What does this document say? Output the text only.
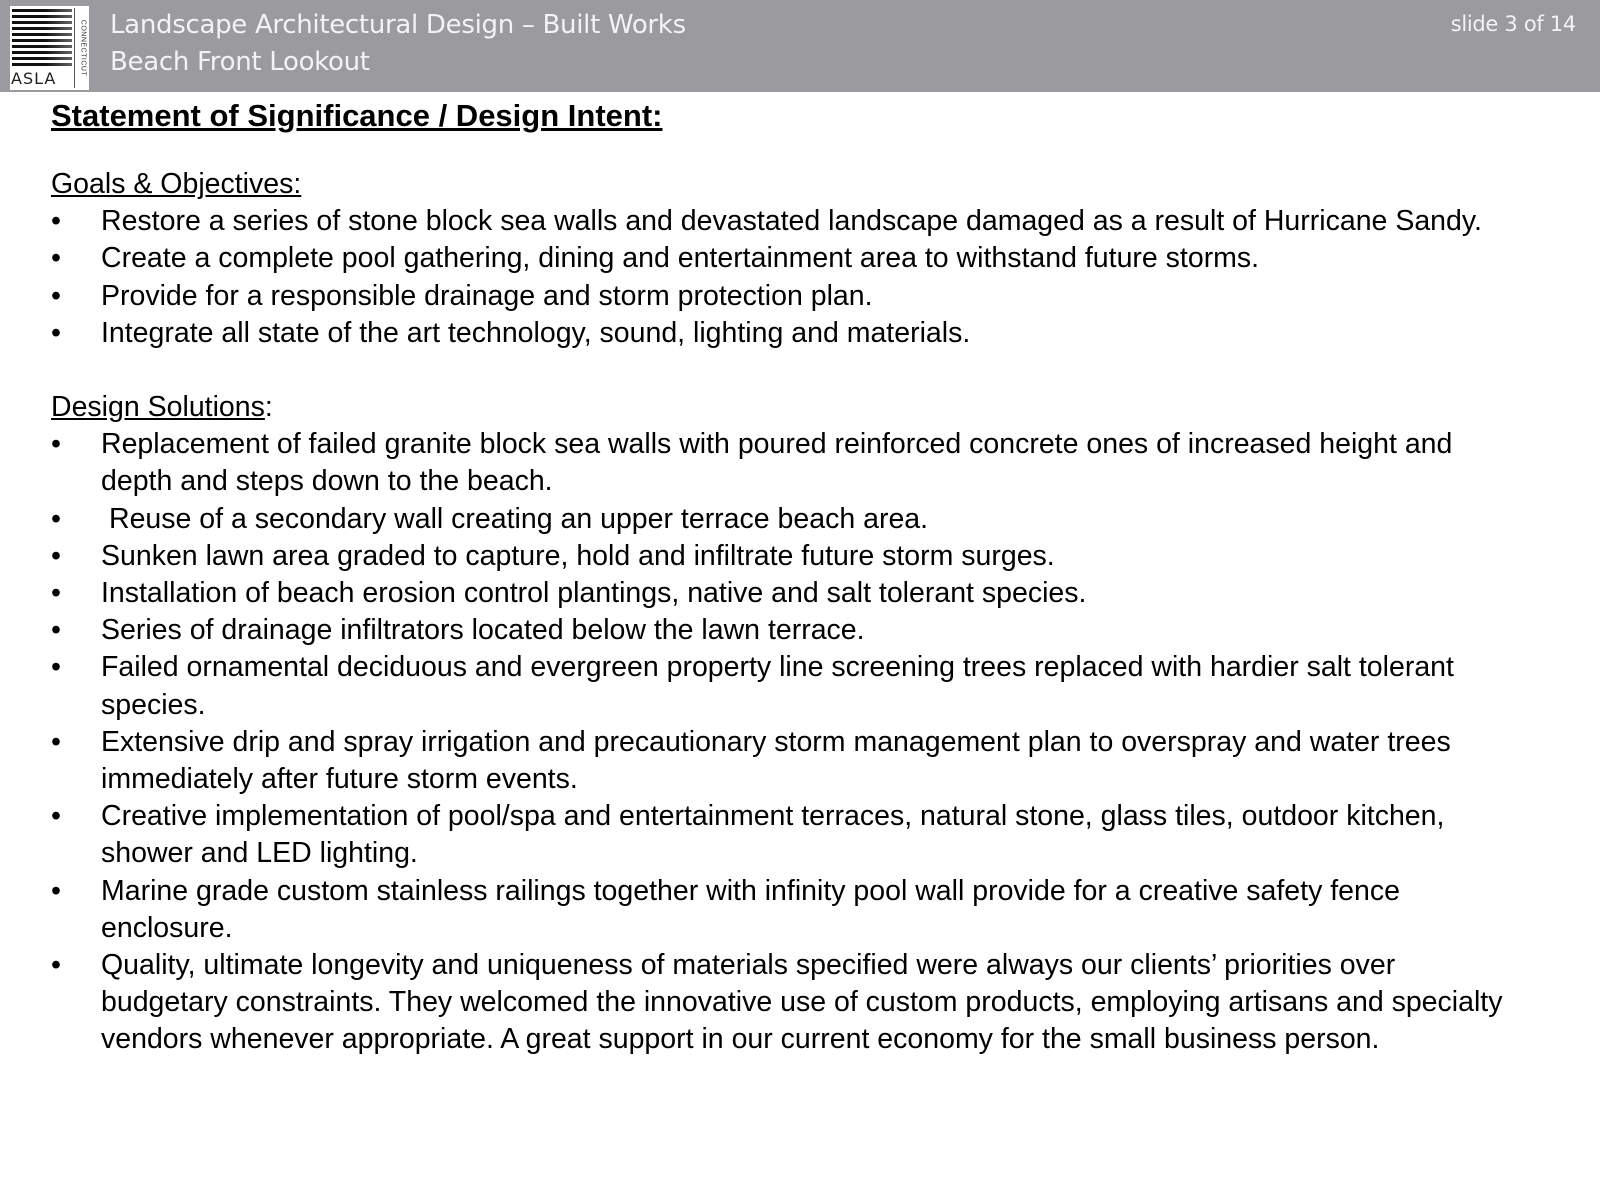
ASLA
CONNECTICUT Landscape Architectural Design – Built Works
Beach Front Lookout
slide 3 of 14
Statement of Significance / Design Intent:
Goals & Objectives:
• Restore a series of stone block sea walls and devastated landscape damaged as a result of Hurricane Sandy.
• Create a complete pool gathering, dining and entertainment area to withstand future storms.
• Provide for a responsible drainage and storm protection plan.
• Integrate all state of the art technology, sound, lighting and materials.
Design Solutions:
• Replacement of failed granite block sea walls with poured reinforced concrete ones of increased height and depth and steps down to the beach.
• Reuse of a secondary wall creating an upper terrace beach area.
• Sunken lawn area graded to capture, hold and infiltrate future storm surges.
• Installation of beach erosion control plantings, native and salt tolerant species.
• Series of drainage infiltrators located below the lawn terrace.
• Failed ornamental deciduous and evergreen property line screening trees replaced with hardier salt tolerant species.
• Extensive drip and spray irrigation and precautionary storm management plan to overspray and water trees immediately after future storm events.
• Creative implementation of pool/spa and entertainment terraces, natural stone, glass tiles, outdoor kitchen, shower and LED lighting.
• Marine grade custom stainless railings together with infinity pool wall provide for a creative safety fence enclosure.
• Quality, ultimate longevity and uniqueness of materials specified were always our clients’ priorities over budgetary constraints. They welcomed the innovative use of custom products, employing artisans and specialty vendors whenever appropriate. A great support in our current economy for the small business person.
